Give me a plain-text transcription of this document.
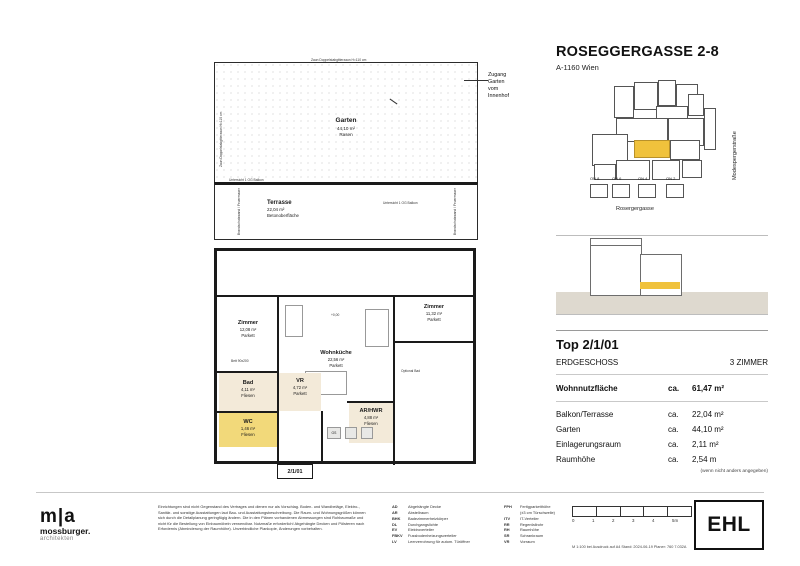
Garten
44,10 m²
Rasen
Zaun Doppelstabgitterzaun H=110 cm
Zaun Doppelstabgitterzaun H=110 cm
Zugang Garten
vom Innenhof
Terrasse
22,04 m²
Betonoberfläche
Untersicht 1 OG Balkon
Untersicht 1 OG Balkon
Brandschutzwand / Feuermauer	Brandschutzwand / Feuermauer
Zimmer
12,08 m²
Parkett
Bett 90x200
Zimmer
11,32 m²
Parkett
Wohnküche
22,56 m²
Parkett
Bad
4,11 m²
Fliesen
WC
1,46 m²
Fliesen
VR
4,72 m²
Parkett
AR/HWR
4,88 m²
Fliesen
GS
+0,00
Optional Bad
2/1/01
ROSEGGERGASSE 2-8
A-1160 Wien
ON 8	ON 6	ON 4	ON 2
Rosergergasse
Modespergerstraße
Top 2/1/01
ERDGESCHOSS	3 ZIMMER
Wohnnutzfläche	ca.	61,47 m²
Balkon/Terrasse	ca.	22,04 m²
Garten	ca.	44,10 m²
Einlagerungsraum	ca.	2,11 m²
Raumhöhe	ca.	2,54 m
(wenn nicht anders angegeben)
m|a
mossburger.
architekten
Einrichtungen sind nicht Gegenstand des Vertrages und dienen nur als Vorschlag. Boden- und Wandbeläge, Elektro-, Sanitär- und sonstige Ausstattungen laut Bau- und Ausstattungsbeschreibung. Die Raum- und Wohnungsgrößen können sich durch die Detailplanung geringfügig ändern. Die in den Plänen vorhandenen Abmessungen sind Rohbaumaße und nicht für die Bestellung von Einbaumöbeln verwendbar. Nutzmaße erforderlich! Abgehängte Decken und Pölsteren nach Erfordernis (Abminderung der Raumhöhe). Unverbindliche Plankopie, Änderungen vorbehalten.
AD	Abgehängte Decke
AR	Abstellraum
BHK	Badezimmerheizkörper
DL	Durchgangslichte
EV	Elektroverteiler
FBKV	Fussbodenheizungsverteiler
LV	Leerverrohrung für autom. Türöffner
FPH	Fertigparketthöhe
(±3 cm Türschwelle)
ITV	IT-Verteiler
RR	Regenfallrohr
RH	Raumhöhe
SR	Schrankraum
VR	Vorraum
0	1	2	3	4	5m
M 1:100 bei Ausdruck auf A4 Stand: 2024-06-19 Planer: 760 7.032A
EHL
